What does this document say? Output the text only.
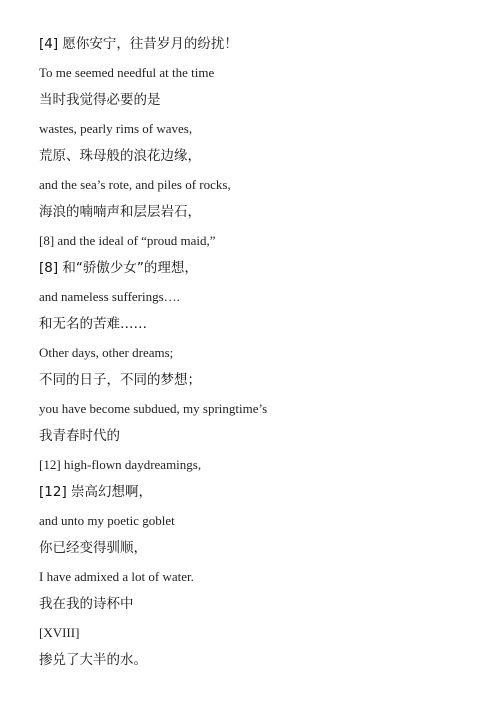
[4] 愿你安宁，往昔岁月的纷扰！
To me seemed needful at the time
当时我觉得必要的是
wastes, pearly rims of waves,
荒原、珠母般的浪花边缘，
and the sea’s rote, and piles of rocks,
海浪的喃喃声和层层岩石，
[8] and the ideal of “proud maid,”
[8] 和“骄傲少女”的理想，
and nameless sufferings….
和无名的苦难……
Other days, other dreams;
不同的日子，不同的梦想；
you have become subdued, my springtime’s
我青春时代的
[12] high-flown daydreamings,
[12] 崇高幻想啊，
and unto my poetic goblet
你已经变得驯顺，
I have admixed a lot of water.
我在我的诗杯中
[XVIII]
掺兑了大半的水。
